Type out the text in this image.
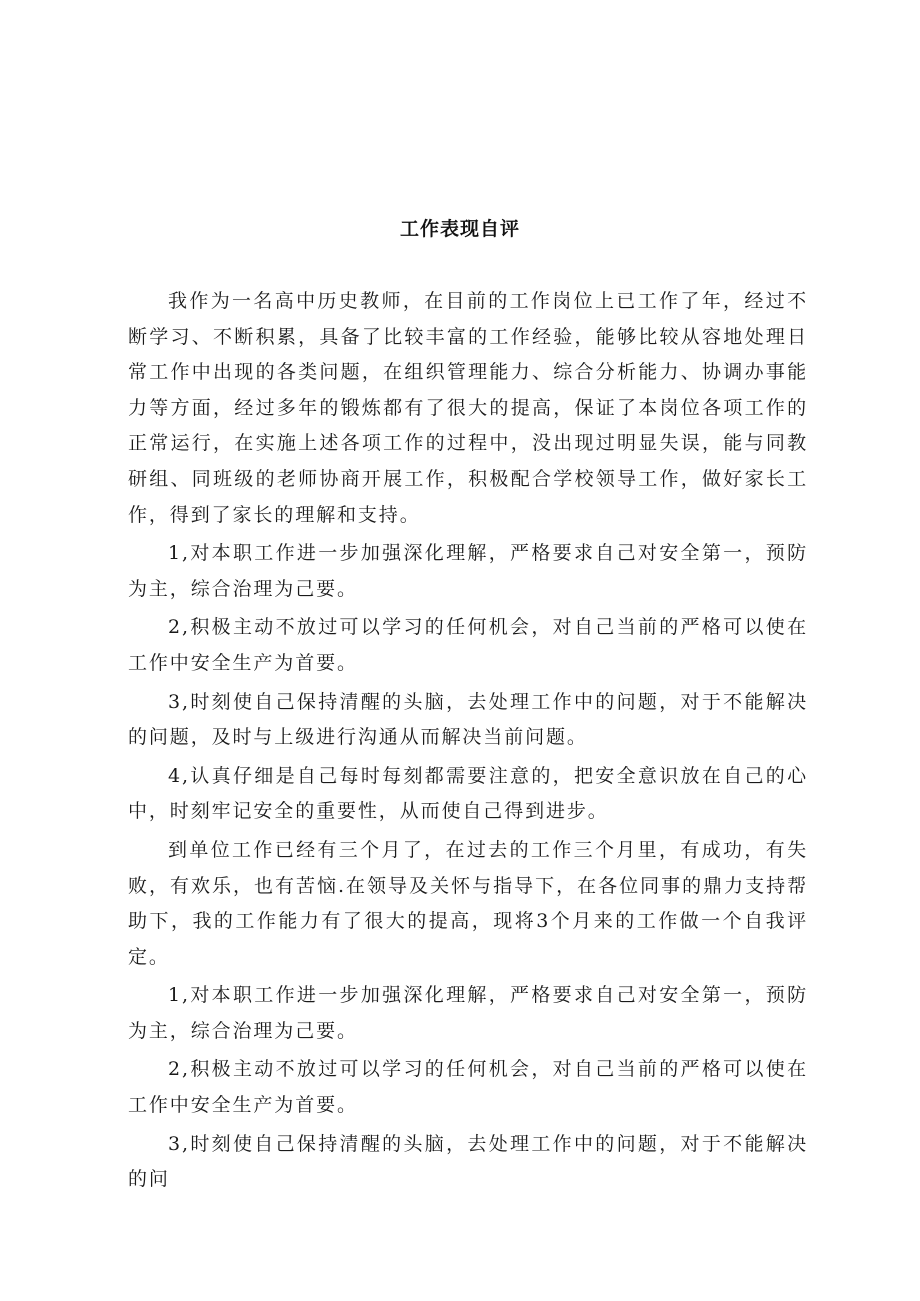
工作表现自评

我作为一名高中历史教师，在目前的工作岗位上已工作了年，经过不断学习、不断积累，具备了比较丰富的工作经验，能够比较从容地处理日常工作中出现的各类问题，在组织管理能力、综合分析能力、协调办事能力等方面，经过多年的锻炼都有了很大的提高，保证了本岗位各项工作的正常运行，在实施上述各项工作的过程中，没出现过明显失误，能与同教研组、同班级的老师协商开展工作，积极配合学校领导工作，做好家长工作，得到了家长的理解和支持。

1,对本职工作进一步加强深化理解，严格要求自己对安全第一，预防为主，综合治理为己要。

2,积极主动不放过可以学习的任何机会，对自己当前的严格可以使在工作中安全生产为首要。

3,时刻使自己保持清醒的头脑，去处理工作中的问题，对于不能解决的问题，及时与上级进行沟通从而解决当前问题。

4,认真仔细是自己每时每刻都需要注意的，把安全意识放在自己的心中，时刻牢记安全的重要性，从而使自己得到进步。

到单位工作已经有三个月了，在过去的工作三个月里，有成功，有失败，有欢乐，也有苦恼.在领导及关怀与指导下，在各位同事的鼎力支持帮助下，我的工作能力有了很大的提高，现将3个月来的工作做一个自我评定。

1,对本职工作进一步加强深化理解，严格要求自己对安全第一，预防为主，综合治理为己要。

2,积极主动不放过可以学习的任何机会，对自己当前的严格可以使在工作中安全生产为首要。

3,时刻使自己保持清醒的头脑，去处理工作中的问题，对于不能解决的问
